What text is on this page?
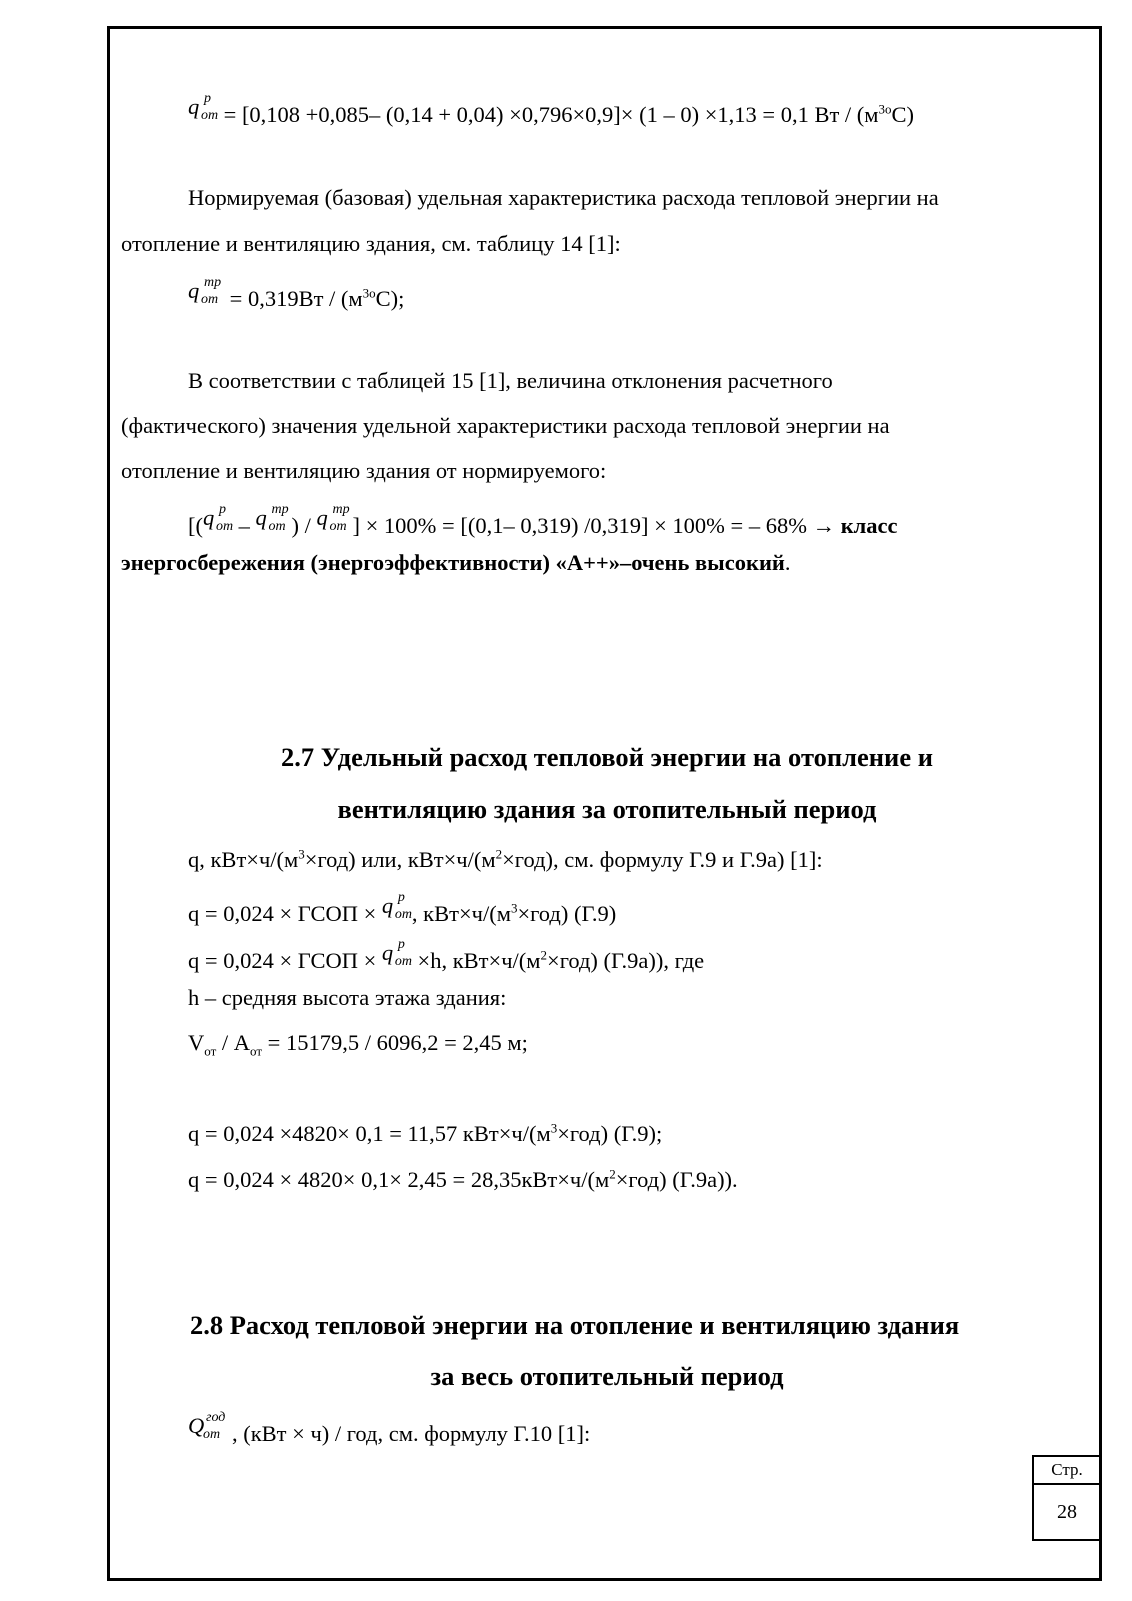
q p
от = [0,108 +0,085– (0,14 + 0,04) ×0,796×0,9]× (1 – 0) ×1,13 = 0,1 Вт / $(м^{3o}С)$
Нормируемая (базовая) удельная характеристика расхода тепловой энергии на
отопление и вентиляцию здания, см. таблицу 14 [1]:
q тр
от = $0,319Вт / (м^{3o}С)$;
В соответствии с таблицей 15 [1], величина отклонения расчетного
(фактического) значения удельной характеристики расхода тепловой энергии на
отопление и вентиляцию здания от нормируемого:
[( q p
от – q тр
от ) / q тр
от ] × 100% = [(0,1– 0,319) /0,319] × 100% = – 68% → класс
энергосбережения (энергоэффективности) «А++»–очень высокий.
2.7 Удельный расход тепловой энергии на отопление и
вентиляцию здания за отопительный период
q, $кВт\times ч/(м^3\times год)$ или, $кВт\times ч/(м^2\times год)$, см. формулу Г.9 и Г.9а) [1]:
q = 0,024 × ГСОП × q p
от , $кВт\times ч/(м^3\times год)$ (Г.9)
q = 0,024 × ГСОП × q p
от ×h, $кВт\times ч/(м^2\times год)$ (Г.9а)), где
h – средняя высота этажа здания:
$V_{от} / A_{от} = 15179,5 / 6096,2 = 2,45$ м;
q = 0,024 ×4820× 0,1 = 11,57 $кВт\times ч/(м^3\times год)$ (Г.9);
$q = 0,024 \times 4820\times 0,1\times 2,45 = 28,35кВт\times ч/(м^2\times год)$ (Г.9а)).
2.8 Расход тепловой энергии на отопление и вентиляцию здания
за весь отопительный период
Q год
от , (кВт × ч) / год, см. формулу Г.10 [1]:
Стр.
28
